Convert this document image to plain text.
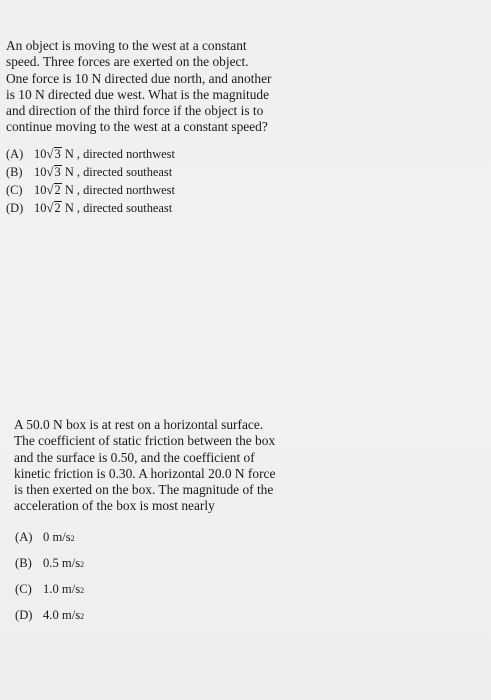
An object is moving to the west at a constant
speed. Three forces are exerted on the object.
One force is 10 N directed due north, and another
is 10 N directed due west. What is the magnitude
and direction of the third force if the object is to
continue moving to the west at a constant speed?

(A) 10 √ 3
N , directed northwest
(B) 10 √ 3
N , directed southeast
(C) 10 √ 2
N , directed northwest
(D) 10 √ 2
N , directed southeast

A 50.0 N box is at rest on a horizontal surface.
The coefficient of static friction between the box
and the surface is 0.50, and the coefficient of
kinetic friction is 0.30. A horizontal 20.0 N force
is then exerted on the box. The magnitude of the
acceleration of the box is most nearly

(A) 0
m/s 2
(B) 0.5
m/s 2
(C) 1.0
m/s 2
(D) 4.0
m/s 2
